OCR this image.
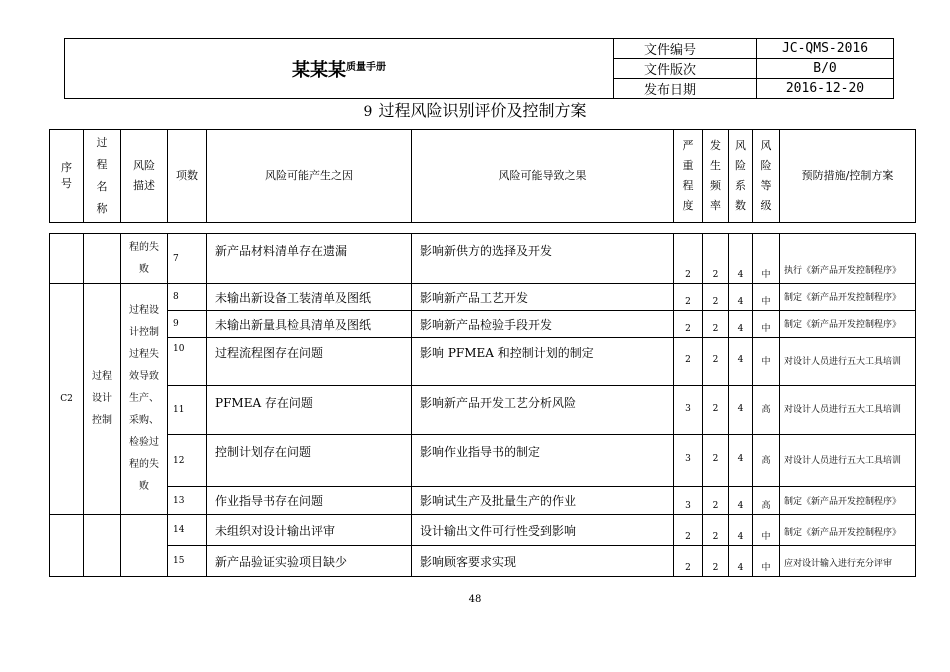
某某某$^{质量手册}$	文件编号	JC-QMS-2016
	文件版次	B/0
	发布日期	2016-12-20
9 过程风险识别评价及控制方案
序号	过程名称	风险描述	项数	风险可能产生之因	风险可能导致之果	严重程度	发生频率	风险系数	风险等级	预防措施/控制方案
		程的失败	7	新产品材料清单存在遗漏	影响新供方的选择及开发	2	2	4	中	执行《新产品开发控制程序》
C2	过程设计控制	过程设计控制过程失效导致生产、采购、检验过程的失败	8	未输出新设备工装清单及图纸	影响新产品工艺开发	2	2	4	中	制定《新产品开发控制程序》
			9	未输出新量具检具清单及图纸	影响新产品检验手段开发	2	2	4	中	制定《新产品开发控制程序》
			10	过程流程图存在问题	影响 PFMEA 和控制计划的制定	2	2	4	中	对设计人员进行五大工具培训
			11	PFMEA 存在问题	影响新产品开发工艺分析风险	3	2	4	高	对设计人员进行五大工具培训
			12	控制计划存在问题	影响作业指导书的制定	3	2	4	高	对设计人员进行五大工具培训
			13	作业指导书存在问题	影响试生产及批量生产的作业	3	2	4	高	制定《新产品开发控制程序》
			14	未组织对设计输出评审	设计输出文件可行性受到影响	2	2	4	中	制定《新产品开发控制程序》
			15	新产品验证实验项目缺少	影响顾客要求实现	2	2	4	中	应对设计输入进行充分评审
48
